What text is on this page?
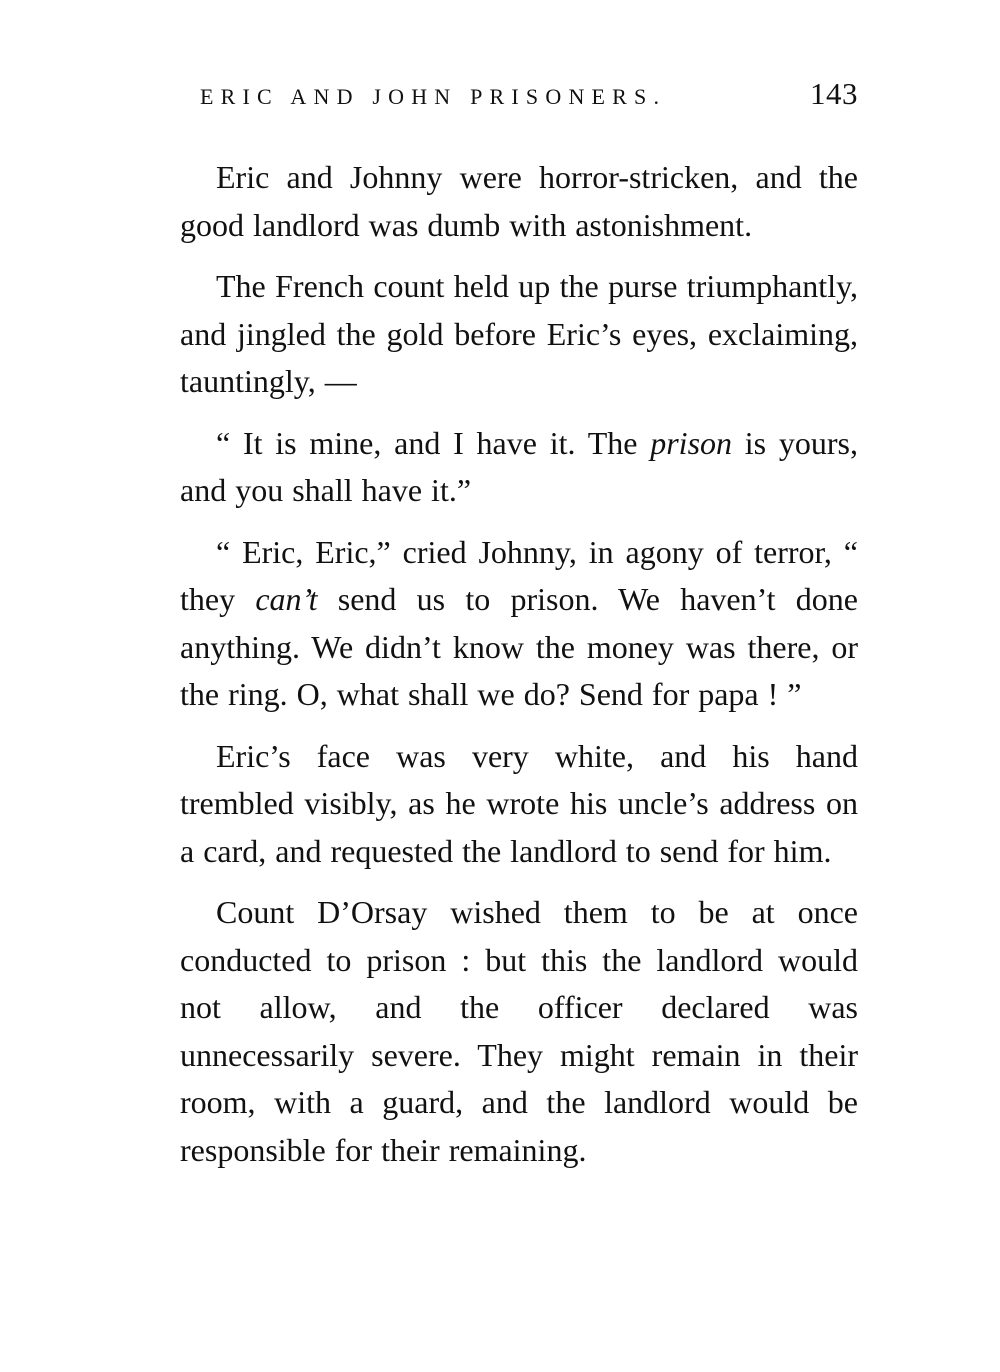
ERIC AND JOHN PRISONERS.	143

Eric and Johnny were horror-stricken, and the good landlord was dumb with astonishment.

The French count held up the purse triumphantly, and jingled the gold before Eric’s eyes, exclaiming, tauntingly, —

“ It is mine, and I have it. The prison is yours, and you shall have it.”

“ Eric, Eric,” cried Johnny, in agony of terror, “ they can’t send us to prison. We haven’t done anything. We didn’t know the money was there, or the ring. O, what shall we do? Send for papa ! ”

Eric’s face was very white, and his hand trembled visibly, as he wrote his uncle’s address on a card, and requested the landlord to send for him.

Count D’Orsay wished them to be at once conducted to prison : but this the landlord would not allow, and the officer declared was unnecessarily severe. They might remain in their room, with a guard, and the landlord would be responsible for their remaining.
